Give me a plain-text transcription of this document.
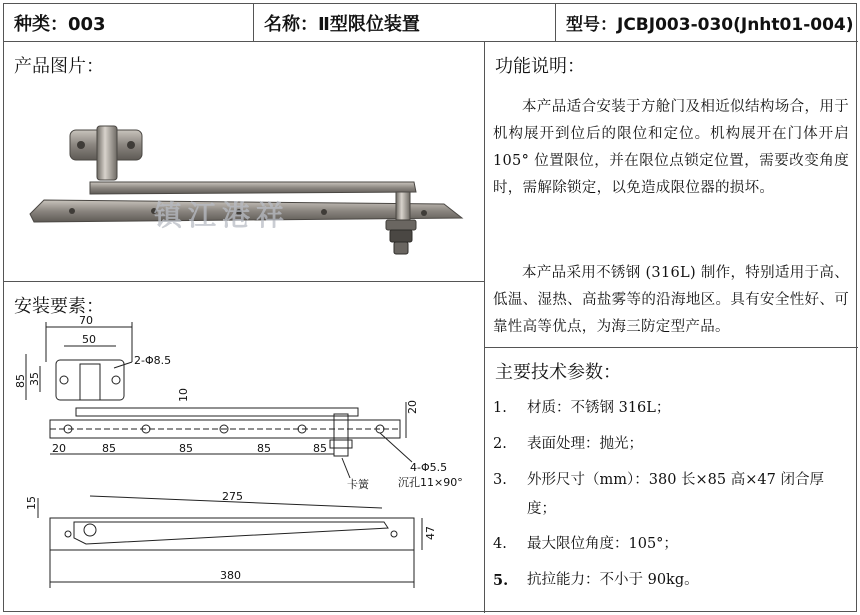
种类：003	名称：Ⅱ型限位装置	型号：JCBJ003-030(Jnht01-004)
产品图片：
镇江港祥
安装要素：
70
50
85 35
2-Φ8.5
10
20
20	85	85	85	85
4-Φ5.5
沉孔11×90°
卡簧
275
15
47
380
功能说明：
本产品适合安装于方舱门及相近似结构场合，用于机构展开到位后的限位和定位。机构展开在门体开启 105° 位置限位，并在限位点锁定位置，需要改变角度时，需解除锁定，以免造成限位器的损坏。
本产品采用不锈钢 (316L) 制作，特别适用于高、低温、湿热、高盐雾等的沿海地区。具有安全性好、可靠性高等优点，为海三防定型产品。
主要技术参数：
1.	材质：不锈钢 316L；
2.	表面处理：抛光；
3.	外形尺寸（mm）：380 长×85 高×47 闭合厚度；
4.	最大限位角度：105°；
5.	抗拉能力：不小于 90kg。
